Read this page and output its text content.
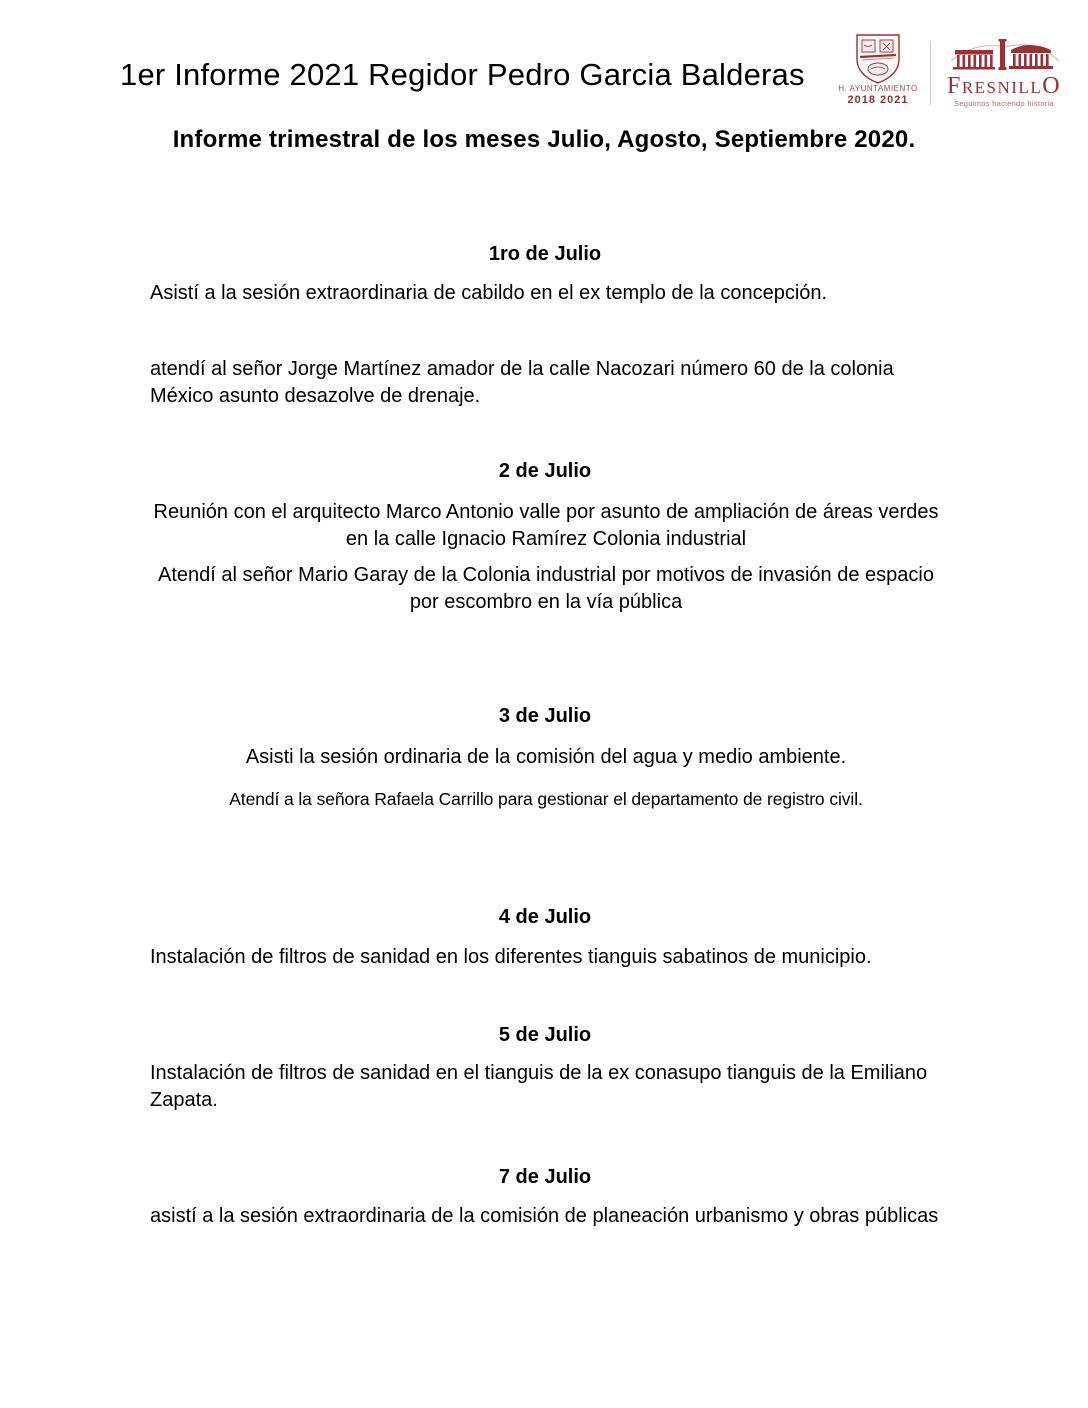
1er Informe 2021 Regidor Pedro Garcia Balderas	H. AYUNTAMIENTO
2018 2021
FRESNILLO
Seguimos haciendo historia
Informe trimestral de los meses Julio, Agosto, Septiembre 2020.
1ro de Julio
Asistí a la sesión extraordinaria de cabildo en el ex templo de la concepción.
atendí al señor Jorge Martínez amador de la calle Nacozari número 60 de la colonia México asunto desazolve de drenaje.
2 de Julio
Reunión con el arquitecto Marco Antonio valle por asunto de ampliación de áreas verdes en la calle Ignacio Ramírez Colonia industrial
Atendí al señor Mario Garay de la Colonia industrial por motivos de invasión de espacio por escombro en la vía pública
3 de Julio
Asisti la sesión ordinaria de la comisión del agua y medio ambiente.
Atendí a la señora Rafaela Carrillo para gestionar el departamento de registro civil.
4 de Julio
Instalación de filtros de sanidad en los diferentes tianguis sabatinos de municipio.
5 de Julio
Instalación de filtros de sanidad en el tianguis de la ex conasupo tianguis de la Emiliano Zapata.
7 de Julio
asistí a la sesión extraordinaria de la comisión de planeación urbanismo y obras públicas
